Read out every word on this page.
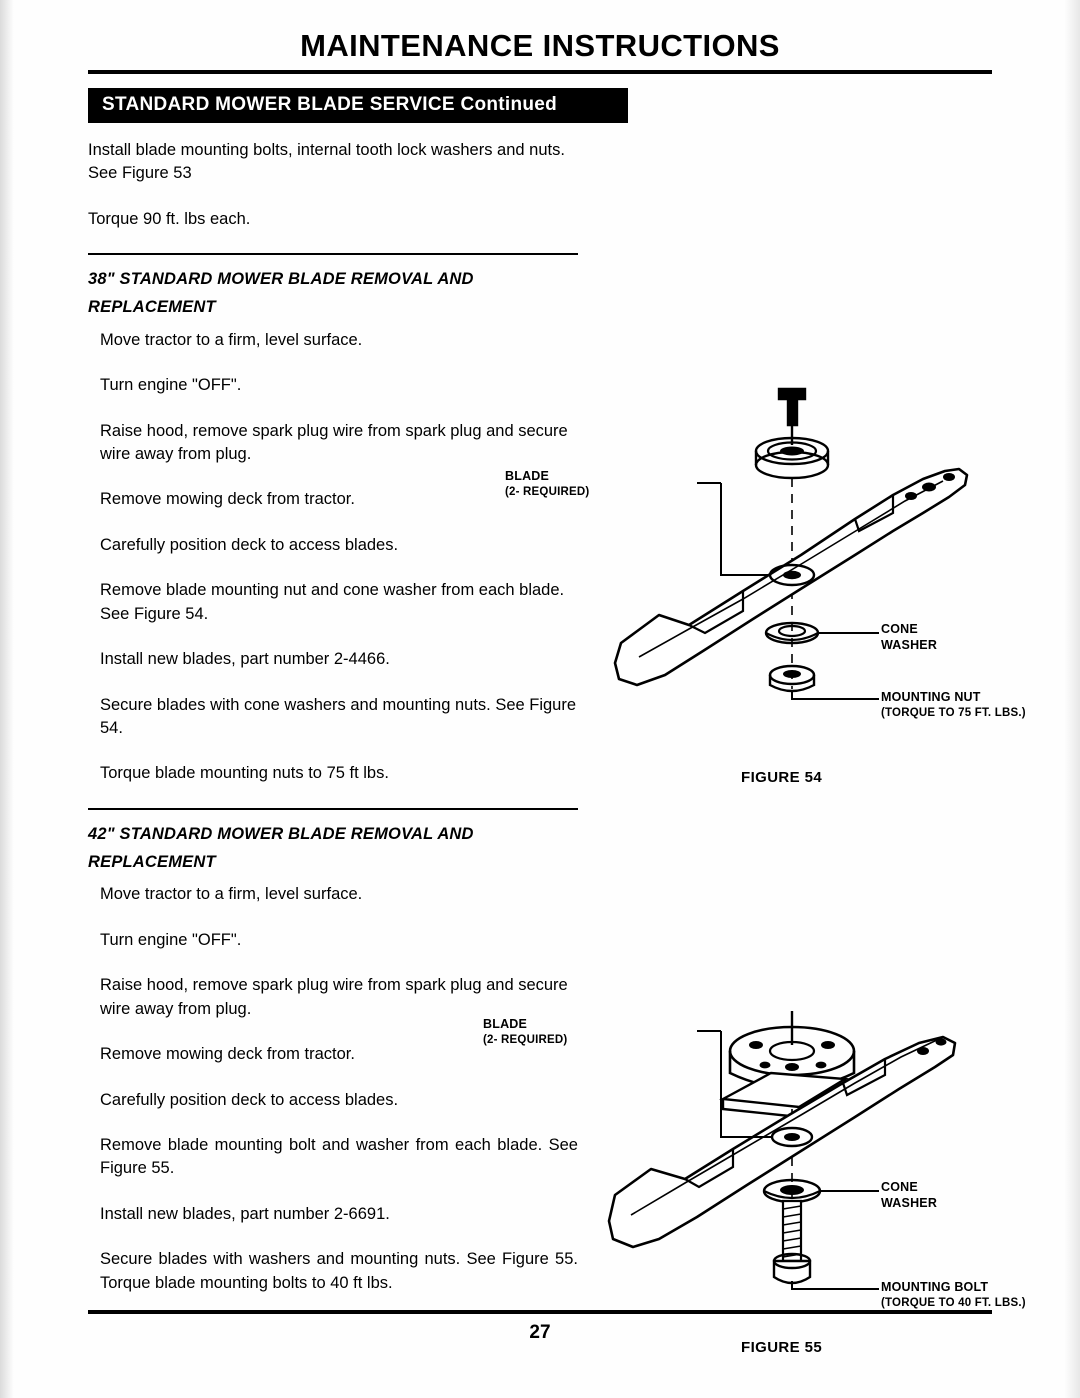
MAINTENANCE INSTRUCTIONS
STANDARD MOWER BLADE SERVICE Continued

Install blade mounting bolts, internal tooth lock washers and nuts. See Figure 53

Torque 90 ft. lbs each.

38" STANDARD MOWER BLADE REMOVAL AND
REPLACEMENT

Move tractor to a firm, level surface.

Turn engine "OFF".

Raise hood, remove spark plug wire from spark plug and secure wire away from plug.

Remove mowing deck from tractor.

Carefully position deck to access blades.

Remove blade mounting nut and cone washer from each blade. See Figure 54.

Install new blades, part number 2-4466.

Secure blades with cone washers and mounting nuts. See Figure 54.

Torque blade mounting nuts to 75 ft lbs.

42" STANDARD MOWER BLADE REMOVAL AND
REPLACEMENT

Move tractor to a firm, level surface.

Turn engine "OFF".

Raise hood, remove spark plug wire from spark plug and secure wire away from plug.

Remove mowing deck from tractor.

Carefully position deck to access blades.

Remove blade mounting bolt and washer from each blade. See Figure 55.

Install new blades, part number 2-6691.

Secure blades with washers and mounting nuts. See Figure 55. Torque blade mounting bolts to 40 ft lbs.

BLADE
(2- REQUIRED)
CONE
WASHER
MOUNTING NUT
(TORQUE TO 75 FT. LBS.)
FIGURE 54
BLADE
(2- REQUIRED)
CONE
WASHER
MOUNTING BOLT
(TORQUE TO 40 FT. LBS.)
FIGURE 55
27
